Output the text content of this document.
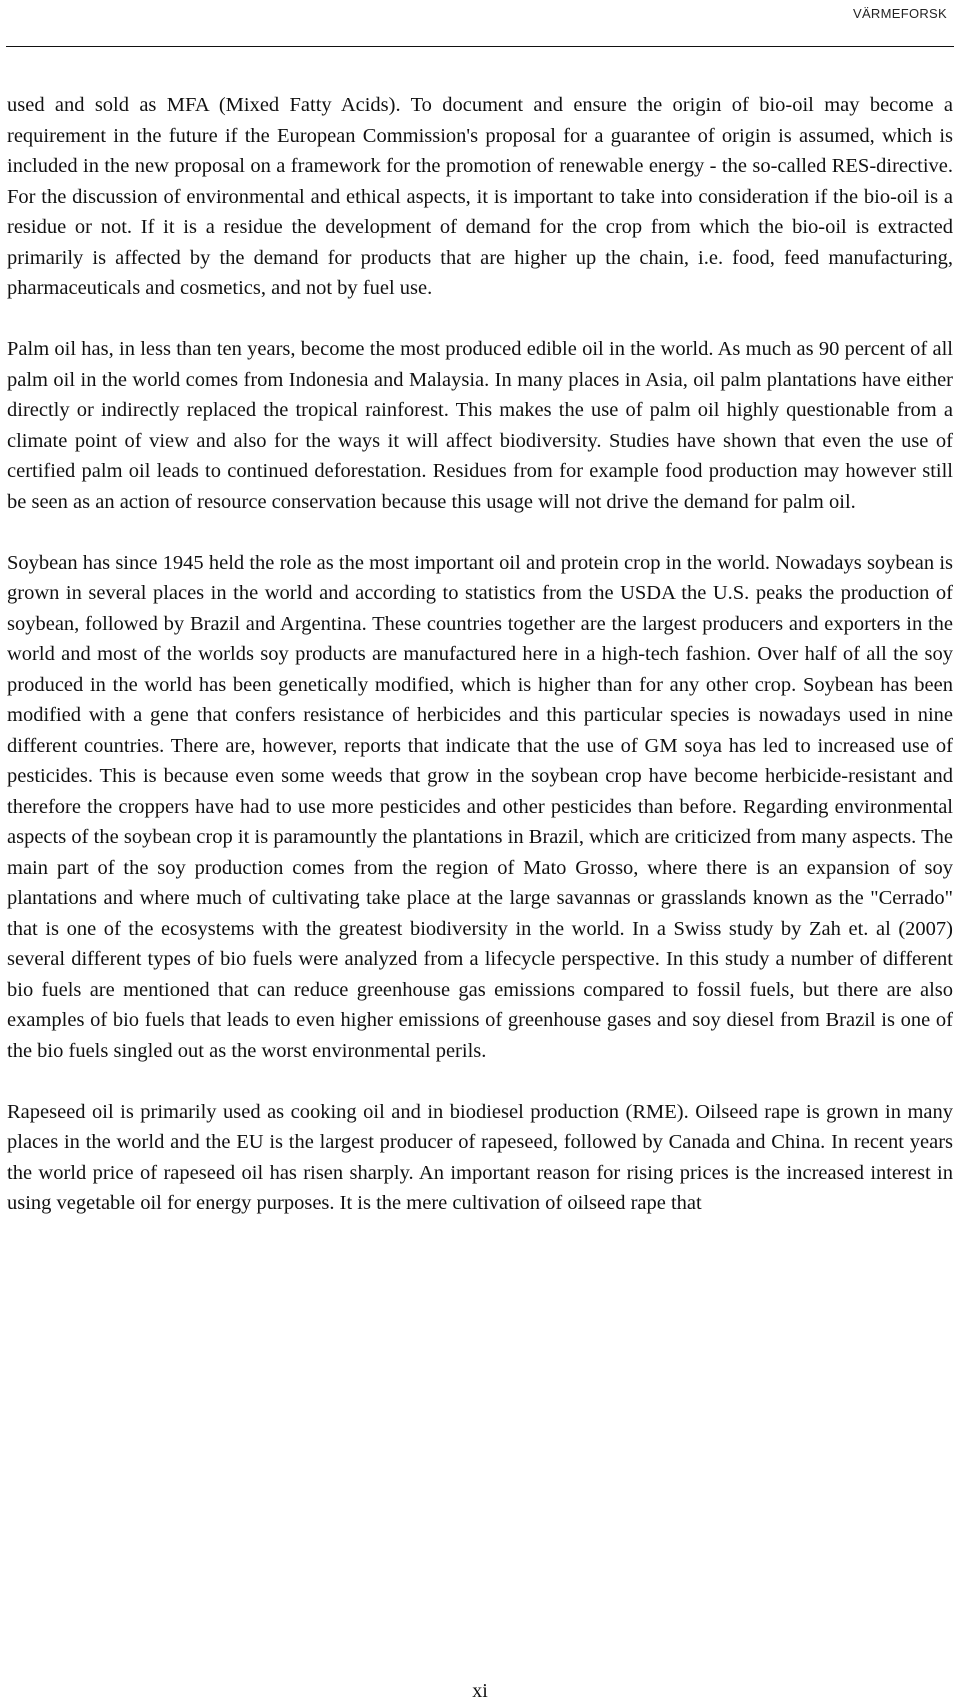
VÄRMEFORSK

used and sold as MFA (Mixed Fatty Acids). To document and ensure the origin of bio-oil may become a requirement in the future if the European Commission's proposal for a guarantee of origin is assumed, which is included in the new proposal on a framework for the promotion of renewable energy - the so-called RES-directive. For the discussion of environmental and ethical aspects, it is important to take into consideration if the bio-oil is a residue or not. If it is a residue the development of demand for the crop from which the bio-oil is extracted primarily is affected by the demand for products that are higher up the chain, i.e. food, feed manufacturing, pharmaceuticals and cosmetics, and not by fuel use.

Palm oil has, in less than ten years, become the most produced edible oil in the world. As much as 90 percent of all palm oil in the world comes from Indonesia and Malaysia. In many places in Asia, oil palm plantations have either directly or indirectly replaced the tropical rainforest. This makes the use of palm oil highly questionable from a climate point of view and also for the ways it will affect biodiversity. Studies have shown that even the use of certified palm oil leads to continued deforestation. Residues from for example food production may however still be seen as an action of resource conservation because this usage will not drive the demand for palm oil.

Soybean has since 1945 held the role as the most important oil and protein crop in the world. Nowadays soybean is grown in several places in the world and according to statistics from the USDA the U.S. peaks the production of soybean, followed by Brazil and Argentina. These countries together are the largest producers and exporters in the world and most of the worlds soy products are manufactured here in a high-tech fashion. Over half of all the soy produced in the world has been genetically modified, which is higher than for any other crop. Soybean has been modified with a gene that confers resistance of herbicides and this particular species is nowadays used in nine different countries. There are, however, reports that indicate that the use of GM soya has led to increased use of pesticides. This is because even some weeds that grow in the soybean crop have become herbicide-resistant and therefore the croppers have had to use more pesticides and other pesticides than before. Regarding environmental aspects of the soybean crop it is paramountly the plantations in Brazil, which are criticized from many aspects. The main part of the soy production comes from the region of Mato Grosso, where there is an expansion of soy plantations and where much of cultivating take place at the large savannas or grasslands known as the "Cerrado" that is one of the ecosystems with the greatest biodiversity in the world. In a Swiss study by Zah et. al (2007) several different types of bio fuels were analyzed from a lifecycle perspective. In this study a number of different bio fuels are mentioned that can reduce greenhouse gas emissions compared to fossil fuels, but there are also examples of bio fuels that leads to even higher emissions of greenhouse gases and soy diesel from Brazil is one of the bio fuels singled out as the worst environmental perils.

Rapeseed oil is primarily used as cooking oil and in biodiesel production (RME). Oilseed rape is grown in many places in the world and the EU is the largest producer of rapeseed, followed by Canada and China. In recent years the world price of rapeseed oil has risen sharply. An important reason for rising prices is the increased interest in using vegetable oil for energy purposes. It is the mere cultivation of oilseed rape that

xi
